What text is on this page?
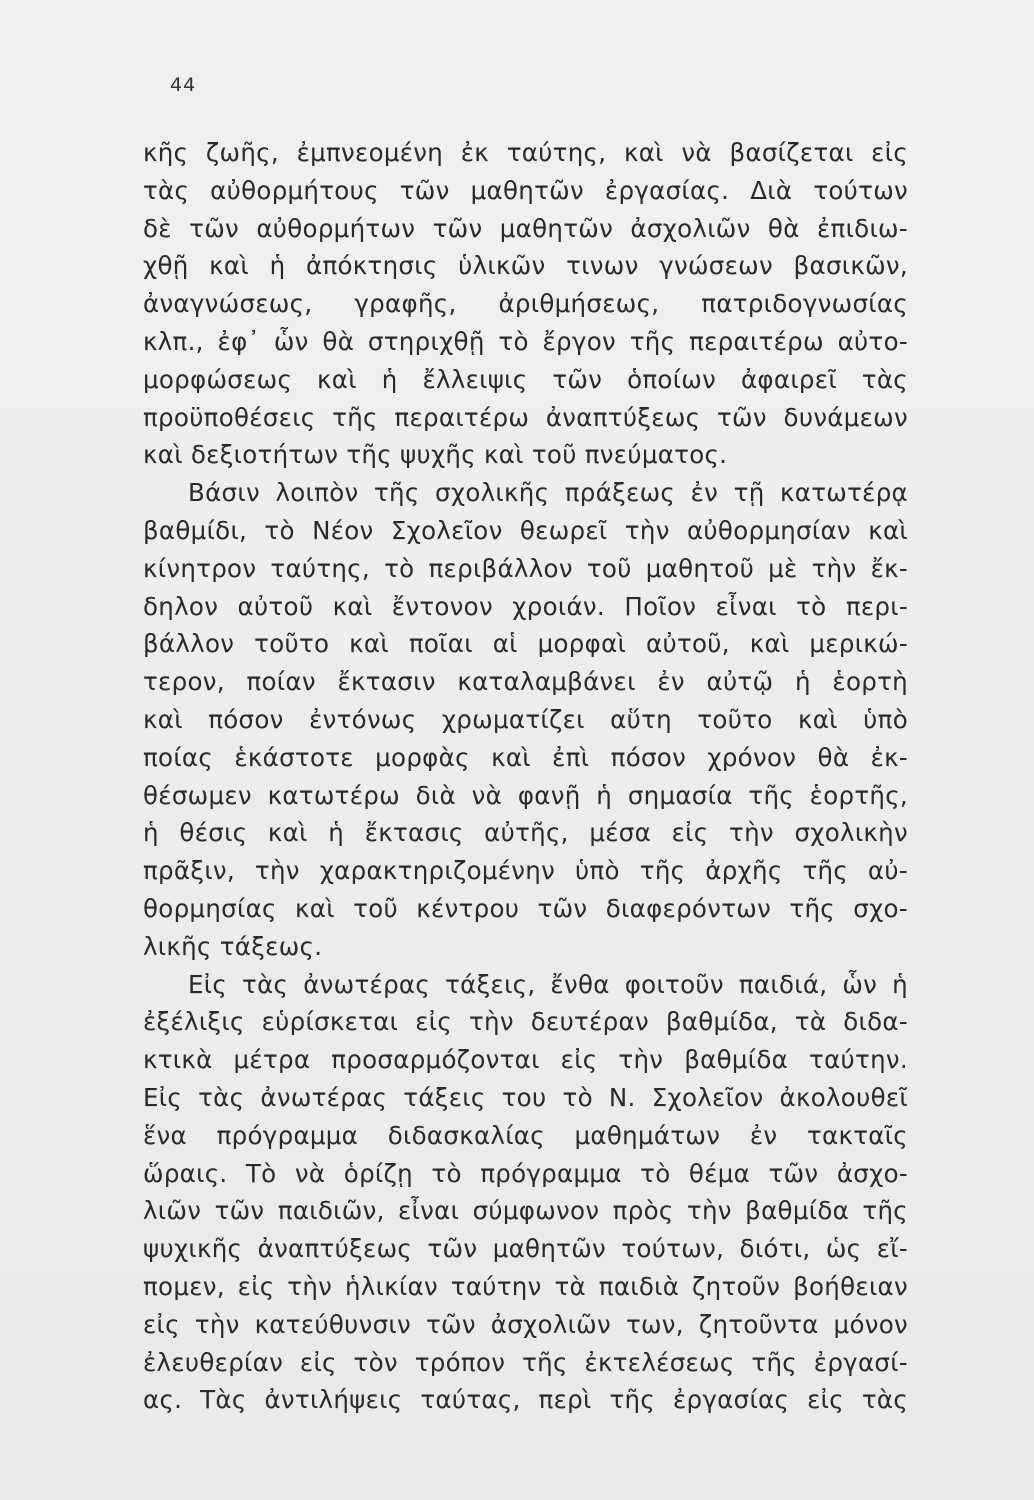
44
κῆς ζωῆς, ἐμπνεομένη ἐκ ταύτης, καὶ νὰ βασίζεται εἰς
τὰς αὐθορμήτους τῶν μαθητῶν ἐργασίας. Διὰ τούτων
δὲ τῶν αὐθορμήτων τῶν μαθητῶν ἀσχολιῶν θὰ ἐπιδιω-
χθῇ καὶ ἡ ἀπόκτησις ὑλικῶν τινων γνώσεων βασικῶν,
ἀναγνώσεως, γραφῆς, ἀριθμήσεως, πατριδογνωσίας
κλπ., ἐφ᾽ ὧν θὰ στηριχθῇ τὸ ἔργον τῆς περαιτέρω αὐτο-
μορφώσεως καὶ ἡ ἔλλειψις τῶν ὁποίων ἀφαιρεῖ τὰς
προϋποθέσεις τῆς περαιτέρω ἀναπτύξεως τῶν δυνάμεων
καὶ δεξιοτήτων τῆς ψυχῆς καὶ τοῦ πνεύματος.
Βάσιν λοιπὸν τῆς σχολικῆς πράξεως ἐν τῇ κατωτέρᾳ
βαθμίδι, τὸ Νέον Σχολεῖον θεωρεῖ τὴν αὐθορμησίαν καὶ
κίνητρον ταύτης, τὸ περιβάλλον τοῦ μαθητοῦ μὲ τὴν ἔκ-
δηλον αὐτοῦ καὶ ἔντονον χροιάν. Ποῖον εἶναι τὸ περι-
βάλλον τοῦτο καὶ ποῖαι αἱ μορφαὶ αὐτοῦ, καὶ μερικώ-
τερον, ποίαν ἔκτασιν καταλαμβάνει ἐν αὐτῷ ἡ ἑορτὴ
καὶ πόσον ἐντόνως χρωματίζει αὕτη τοῦτο καὶ ὑπὸ
ποίας ἑκάστοτε μορφὰς καὶ ἐπὶ πόσον χρόνον θὰ ἐκ-
θέσωμεν κατωτέρω διὰ νὰ φανῇ ἡ σημασία τῆς ἑορτῆς,
ἡ θέσις καὶ ἡ ἔκτασις αὐτῆς, μέσα εἰς τὴν σχολικὴν
πρᾶξιν, τὴν χαρακτηριζομένην ὑπὸ τῆς ἀρχῆς τῆς αὐ-
θορμησίας καὶ τοῦ κέντρου τῶν διαφερόντων τῆς σχο-
λικῆς τάξεως.
Εἰς τὰς ἀνωτέρας τάξεις, ἔνθα φοιτοῦν παιδιά, ὧν ἡ
ἐξέλιξις εὑρίσκεται εἰς τὴν δευτέραν βαθμίδα, τὰ διδα-
κτικὰ μέτρα προσαρμόζονται εἰς τὴν βαθμίδα ταύτην.
Εἰς τὰς ἀνωτέρας τάξεις του τὸ Ν. Σχολεῖον ἀκολουθεῖ
ἕνα πρόγραμμα διδασκαλίας μαθημάτων ἐν τακταῖς
ὥραις. Τὸ νὰ ὁρίζῃ τὸ πρόγραμμα τὸ θέμα τῶν ἀσχο-
λιῶν τῶν παιδιῶν, εἶναι σύμφωνον πρὸς τὴν βαθμίδα τῆς
ψυχικῆς ἀναπτύξεως τῶν μαθητῶν τούτων, διότι, ὡς εἴ-
πομεν, εἰς τὴν ἡλικίαν ταύτην τὰ παιδιὰ ζητοῦν βοήθειαν
εἰς τὴν κατεύθυνσιν τῶν ἀσχολιῶν των, ζητοῦντα μόνον
ἐλευθερίαν εἰς τὸν τρόπον τῆς ἐκτελέσεως τῆς ἐργασί-
ας. Τὰς ἀντιλήψεις ταύτας, περὶ τῆς ἐργασίας εἰς τὰς
